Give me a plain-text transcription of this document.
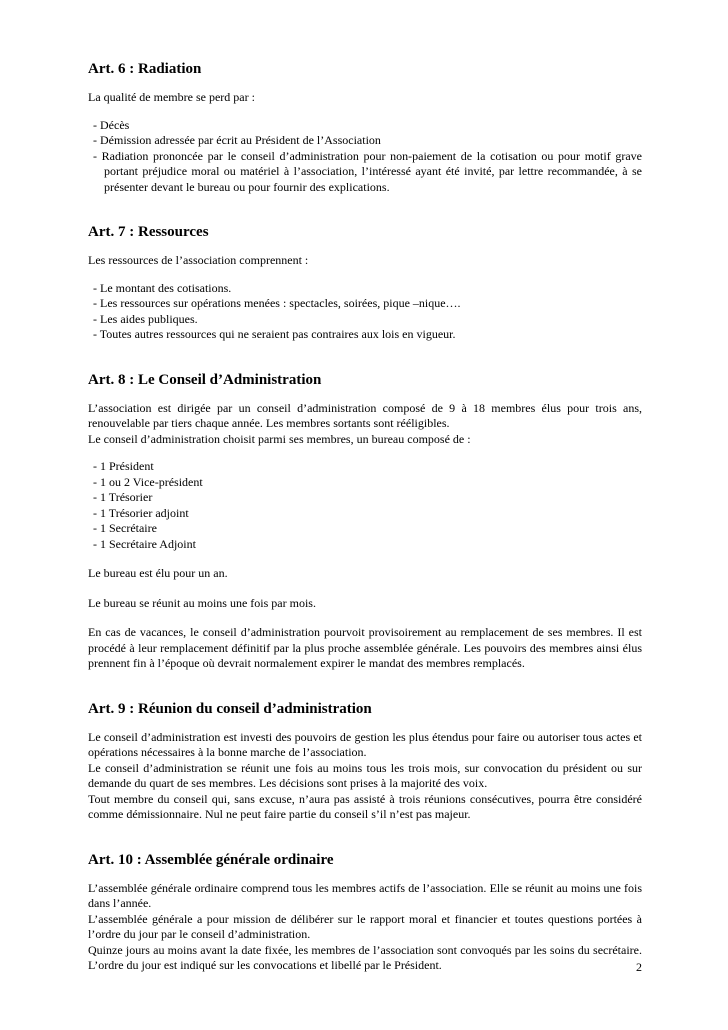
Art. 6 : Radiation

La qualité de membre se perd par :

- Décès
- Démission adressée par écrit au Président de l’Association
- Radiation prononcée par le conseil d’administration pour non-paiement de la cotisation ou pour motif grave portant préjudice moral ou matériel à l’association, l’intéressé ayant été invité, par lettre recommandée, à se présenter devant le bureau ou pour fournir des explications.
Art. 7 : Ressources

Les ressources de l’association comprennent :

- Le montant des cotisations.
- Les ressources sur opérations menées : spectacles, soirées, pique –nique….
- Les aides publiques.
- Toutes autres ressources qui ne seraient pas contraires aux lois en vigueur.
Art. 8 : Le Conseil d’Administration

L’association est dirigée par un conseil d’administration composé de 9 à 18 membres élus pour trois ans, renouvelable par tiers chaque année. Les membres sortants sont rééligibles.

Le conseil d’administration choisit parmi ses membres, un bureau composé de :

- 1 Président
- 1 ou 2 Vice-président
- 1 Trésorier
- 1 Trésorier adjoint
- 1 Secrétaire
- 1 Secrétaire Adjoint

Le bureau est élu pour un an.

Le bureau se réunit au moins une fois par mois.

En cas de vacances, le conseil d’administration pourvoit provisoirement au remplacement de ses membres. Il est procédé à leur remplacement définitif par la plus proche assemblée générale. Les pouvoirs des membres ainsi élus prennent fin à l’époque où devrait normalement expirer le mandat des membres remplacés.

Art. 9 : Réunion du conseil d’administration

Le conseil d’administration est investi des pouvoirs de gestion les plus étendus pour faire ou autoriser tous actes et opérations nécessaires à la bonne marche de l’association.

Le conseil d’administration se réunit une fois au moins tous les trois mois, sur convocation du président ou sur demande du quart de ses membres. Les décisions sont prises à la majorité des voix.

Tout membre du conseil qui, sans excuse, n’aura pas assisté à trois réunions consécutives, pourra être considéré comme démissionnaire. Nul ne peut faire partie du conseil s’il n’est pas majeur.

Art. 10 : Assemblée générale ordinaire

L’assemblée générale ordinaire comprend tous les membres actifs de l’association. Elle se réunit au moins une fois dans l’année.

L’assemblée générale a pour mission de délibérer sur le rapport moral et financier et toutes questions portées à l’ordre du jour par le conseil d’administration.

Quinze jours au moins avant la date fixée, les membres de l’association sont convoqués par les soins du secrétaire. L’ordre du jour est indiqué sur les convocations et libellé par le Président.	2
